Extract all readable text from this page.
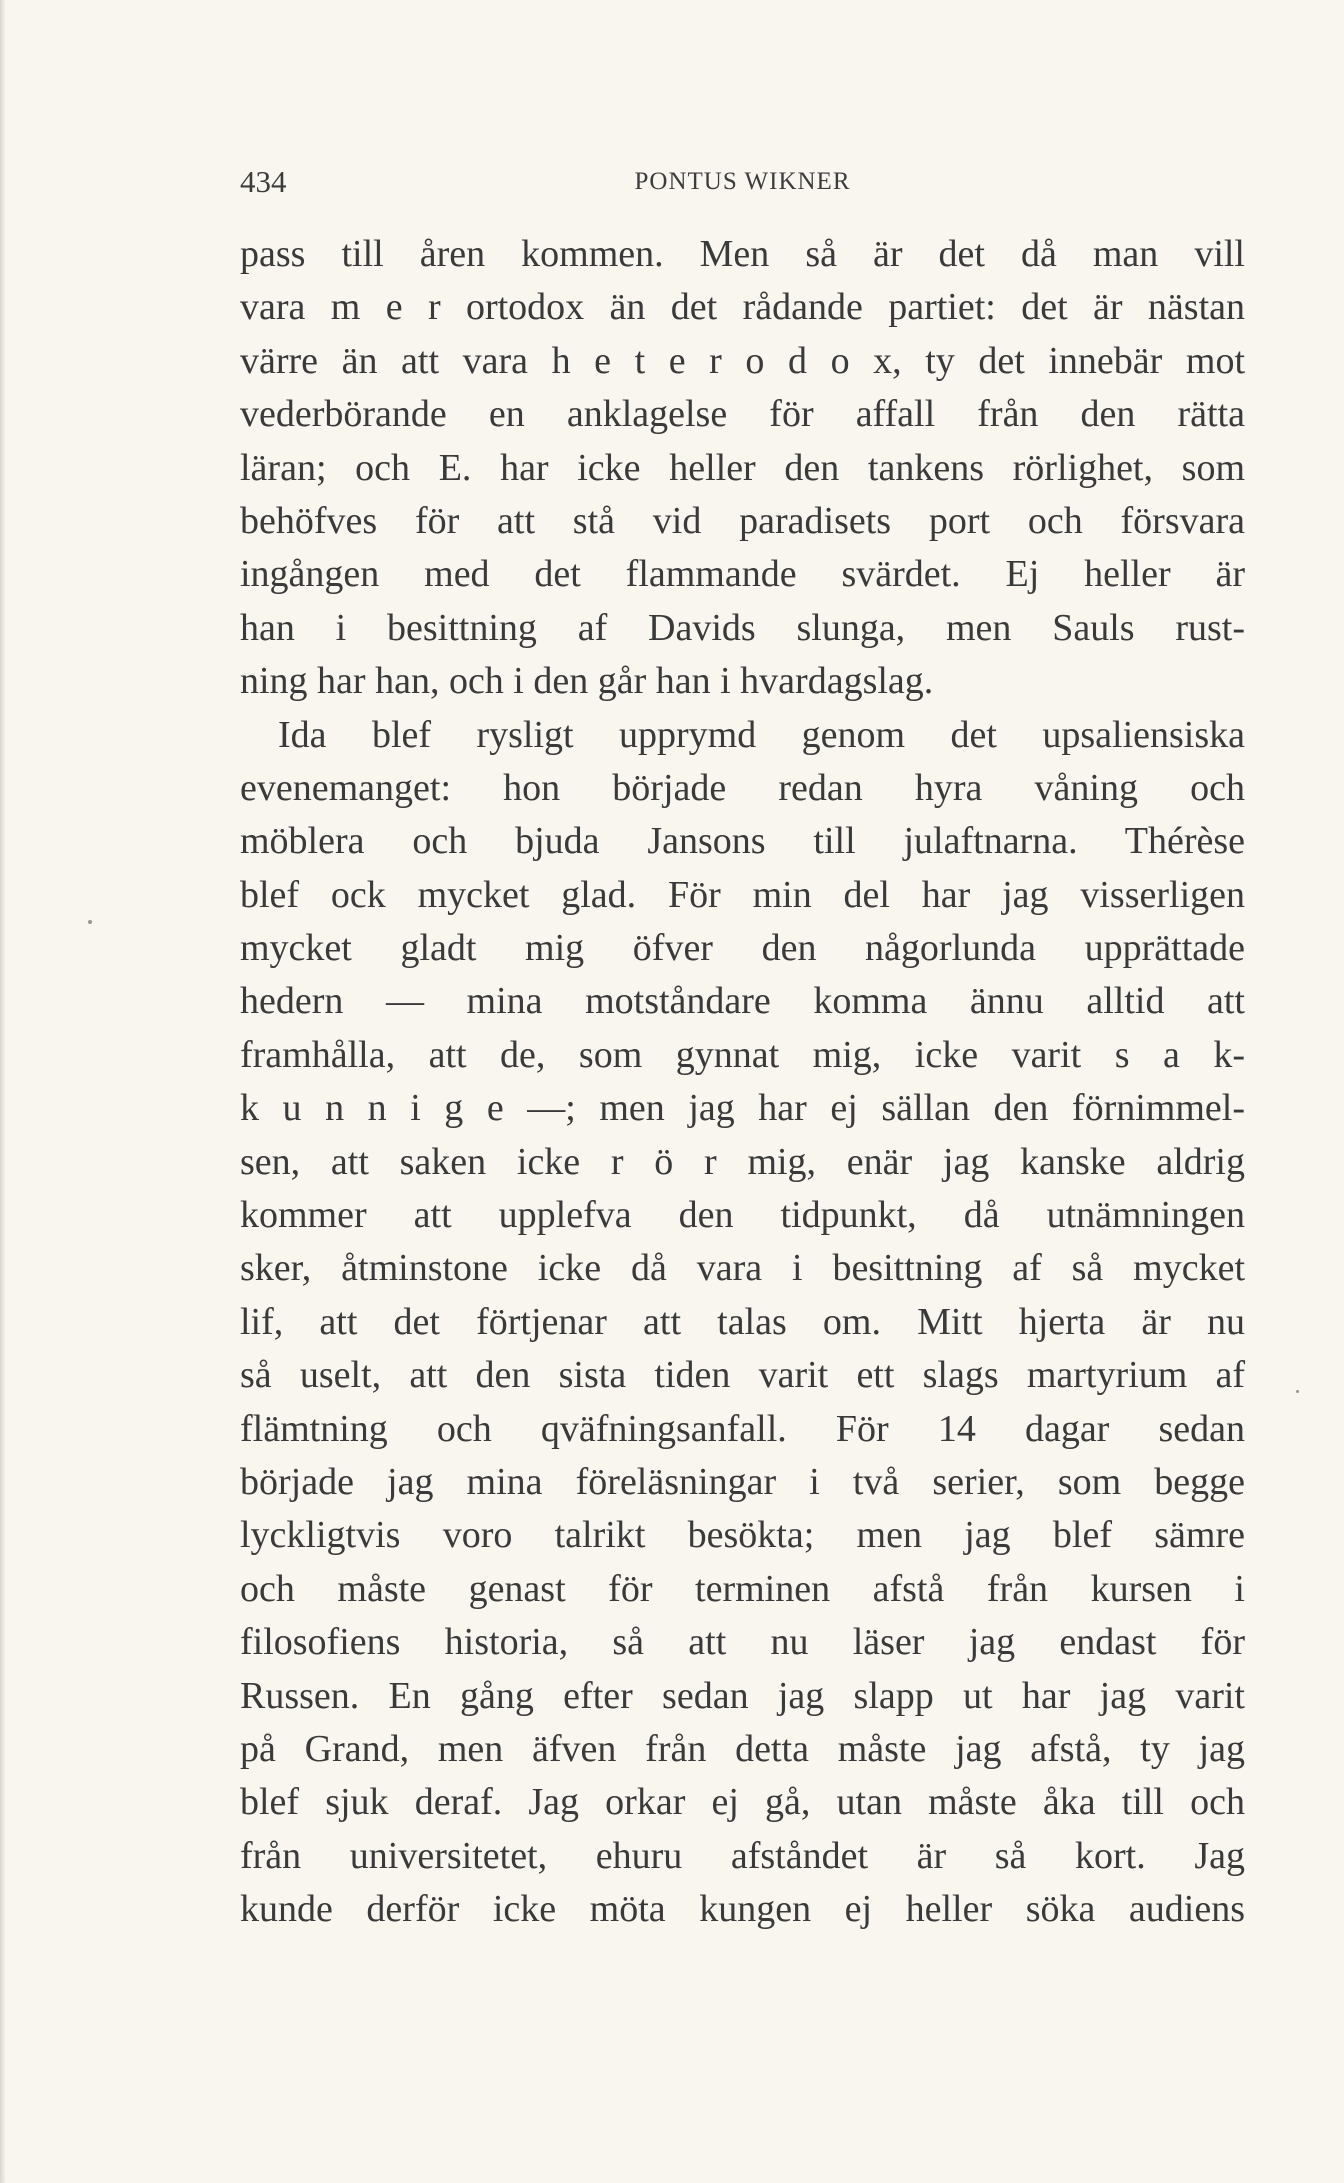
434	PONTUS WIKNER
pass till åren kommen. Men så är det då man vill
vara m e r ortodox än det rådande partiet: det är nästan
värre än att vara h e t e r o d o x, ty det innebär mot
vederbörande en anklagelse för affall från den rätta
läran; och E. har icke heller den tankens rörlighet, som
behöfves för att stå vid paradisets port och försvara
ingången med det flammande svärdet. Ej heller är
han i besittning af Davids slunga, men Sauls rust-
ning har han, och i den går han i hvardagslag.
Ida blef rysligt upprymd genom det upsaliensiska
evenemanget: hon började redan hyra våning och
möblera och bjuda Jansons till julaftnarna. Thérèse
blef ock mycket glad. För min del har jag visserligen
mycket gladt mig öfver den någorlunda upprättade
hedern — mina motståndare komma ännu alltid att
framhålla, att de, som gynnat mig, icke varit s a k-
k u n n i g e —; men jag har ej sällan den förnimmel-
sen, att saken icke r ö r mig, enär jag kanske aldrig
kommer att upplefva den tidpunkt, då utnämningen
sker, åtminstone icke då vara i besittning af så mycket
lif, att det förtjenar att talas om. Mitt hjerta är nu
så uselt, att den sista tiden varit ett slags martyrium af
flämtning och qväfningsanfall. För 14 dagar sedan
började jag mina föreläsningar i två serier, som begge
lyckligtvis voro talrikt besökta; men jag blef sämre
och måste genast för terminen afstå från kursen i
filosofiens historia, så att nu läser jag endast för
Russen. En gång efter sedan jag slapp ut har jag varit
på Grand, men äfven från detta måste jag afstå, ty jag
blef sjuk deraf. Jag orkar ej gå, utan måste åka till och
från universitetet, ehuru afståndet är så kort. Jag
kunde derför icke möta kungen ej heller söka audiens
